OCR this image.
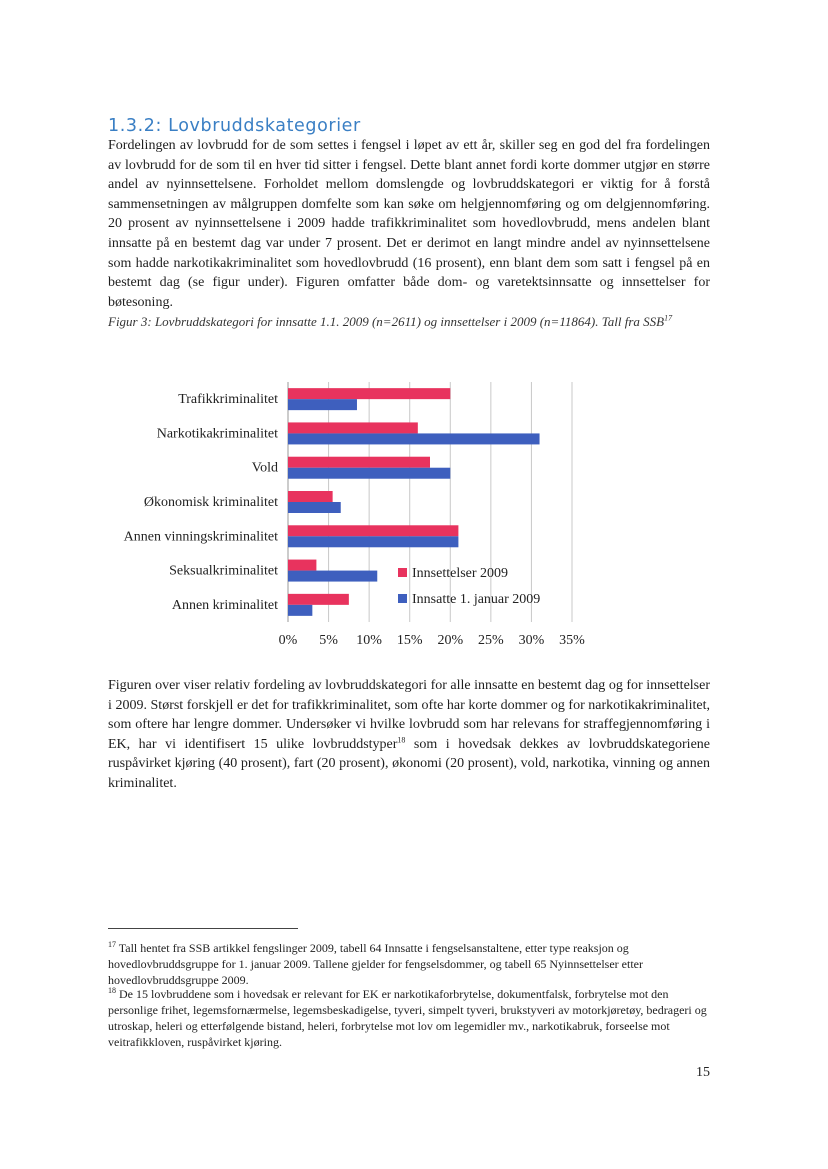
1.3.2: Lovbruddskategorier

Fordelingen av lovbrudd for de som settes i fengsel i løpet av ett år, skiller seg en god del fra fordelingen av lovbrudd for de som til en hver tid sitter i fengsel. Dette blant annet fordi korte dommer utgjør en større andel av nyinnsettelsene. Forholdet mellom domslengde og lovbruddskategori er viktig for å forstå sammensetningen av målgruppen domfelte som kan søke om helgjennomføring og om delgjennomføring. 20 prosent av nyinnsettelsene i 2009 hadde trafikkriminalitet som hovedlovbrudd, mens andelen blant innsatte på en bestemt dag var under 7 prosent. Det er derimot en langt mindre andel av nyinnsettelsene som hadde narkotikakriminalitet som hovedlovbrudd (16 prosent), enn blant dem som satt i fengsel på en bestemt dag (se figur under). Figuren omfatter både dom- og varetektsinnsatte og innsettelser for bøtesoning.

Figur 3: Lovbruddskategori for innsatte 1.1. 2009 (n=2611) og innsettelser i 2009 (n=11864). Tall fra SSB$^{17}$

Trafikkriminalitet
Narkotikakriminalitet
Vold
Økonomisk kriminalitet
Annen vinningskriminalitet
Seksualkriminalitet
Annen kriminalitet
0% 5% 10% 15% 20% 25% 30% 35%
Innsettelser 2009
Innsatte 1. januar 2009

Figuren over viser relativ fordeling av lovbruddskategori for alle innsatte en bestemt dag og for innsettelser i 2009. Størst forskjell er det for trafikkriminalitet, som ofte har korte dommer og for narkotikakriminalitet, som oftere har lengre dommer. Undersøker vi hvilke lovbrudd som har relevans for straffegjennomføring i EK, har vi identifisert 15 ulike lovbruddstyper$^{18}$ som i hovedsak dekkes av lovbruddskategoriene ruspåvirket kjøring (40 prosent), fart (20 prosent), økonomi (20 prosent), vold, narkotika, vinning og annen kriminalitet.

$^{17}$ Tall hentet fra SSB artikkel fengslinger 2009, tabell 64 Innsatte i fengselsanstaltene, etter type reaksjon og hovedlovbruddsgruppe for 1. januar 2009. Tallene gjelder for fengselsdommer, og tabell 65 Nyinnsettelser etter hovedlovbruddsgruppe 2009.

$^{18}$ De 15 lovbruddene som i hovedsak er relevant for EK er narkotikaforbrytelse, dokumentfalsk, forbrytelse mot den personlige frihet, legemsfornærmelse, legemsbeskadigelse, tyveri, simpelt tyveri, brukstyveri av motorkjøretøy, bedrageri og utroskap, heleri og etterfølgende bistand, heleri, forbrytelse mot lov om legemidler mv., narkotikabruk, forseelse mot veitrafikkloven, ruspåvirket kjøring.

15
